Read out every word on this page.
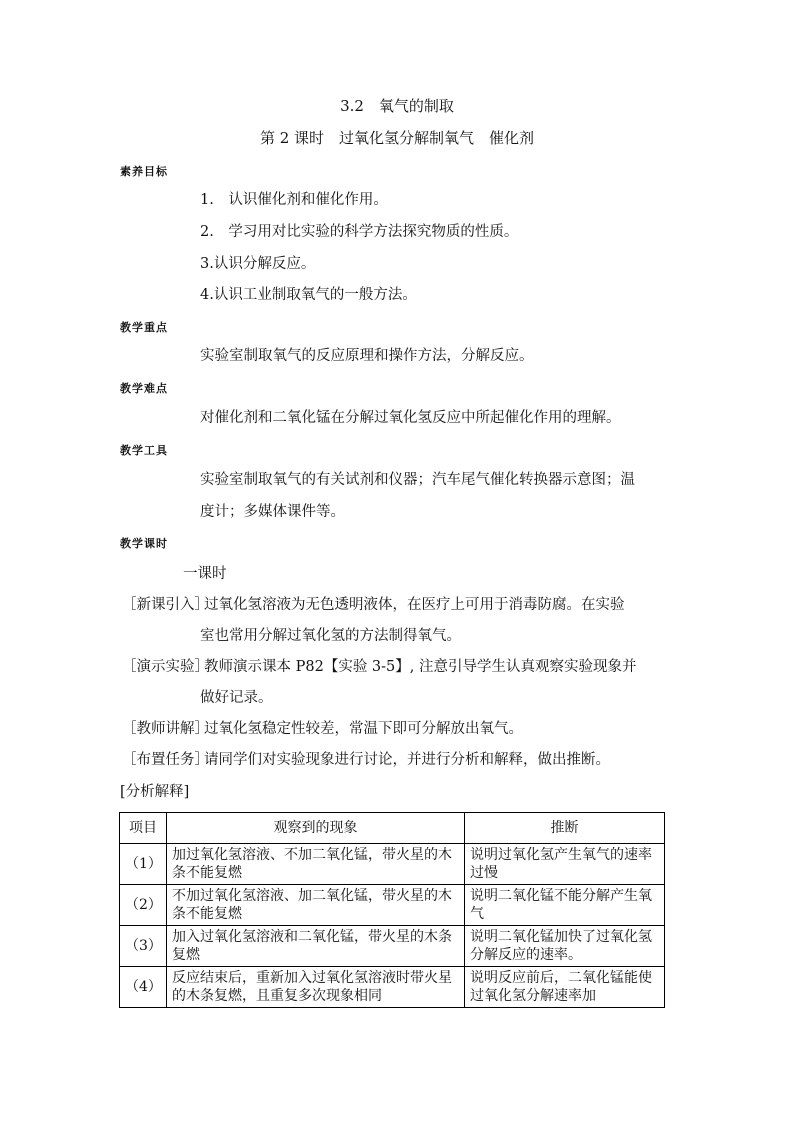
3.2　氧气的制取
第 2 课时　过氧化氢分解制氧气　催化剂
素养目标
1.　认识催化剂和催化作用。
2.　学习用对比实验的科学方法探究物质的性质。
3.认识分解反应。
4.认识工业制取氧气的一般方法。
教学重点
实验室制取氧气的反应原理和操作方法，分解反应。
教学难点
对催化剂和二氧化锰在分解过氧化氢反应中所起催化作用的理解。
教学工具
实验室制取氧气的有关试剂和仪器；汽车尾气催化转换器示意图；温
度计；多媒体课件等。
教学课时
一课时
［新课引入］
过氧化氢溶液为无色透明液体，在医疗上可用于消毒防腐。在实验
室也常用分解过氧化氢的方法制得氧气。
［演示实验］
教师演示课本 P82【实验 3-5】, 注意引导学生认真观察实验现象并
做好记录。
［教师讲解］
过氧化氢稳定性较差，常温下即可分解放出氧气。
［布置任务］
请同学们对实验现象进行讨论，并进行分析和解释，做出推断。
[分析解释]
项目	观察到的现象	推断
（1）	加过氧化氢溶液、不加二氧化锰，带火星的木条不能复燃	说明过氧化氢产生氧气的速率过慢
（2）	不加过氧化氢溶液、加二氧化锰，带火星的木条不能复燃	说明二氧化锰不能分解产生氧气
（3）	加入过氧化氢溶液和二氧化锰，带火星的木条复燃	说明二氧化锰加快了过氧化氢分解反应的速率。
（4）	反应结束后，重新加入过氧化氢溶液时带火星的木条复燃，且重复多次现象相同	说明反应前后，二氧化锰能使过氧化氢分解速率加
